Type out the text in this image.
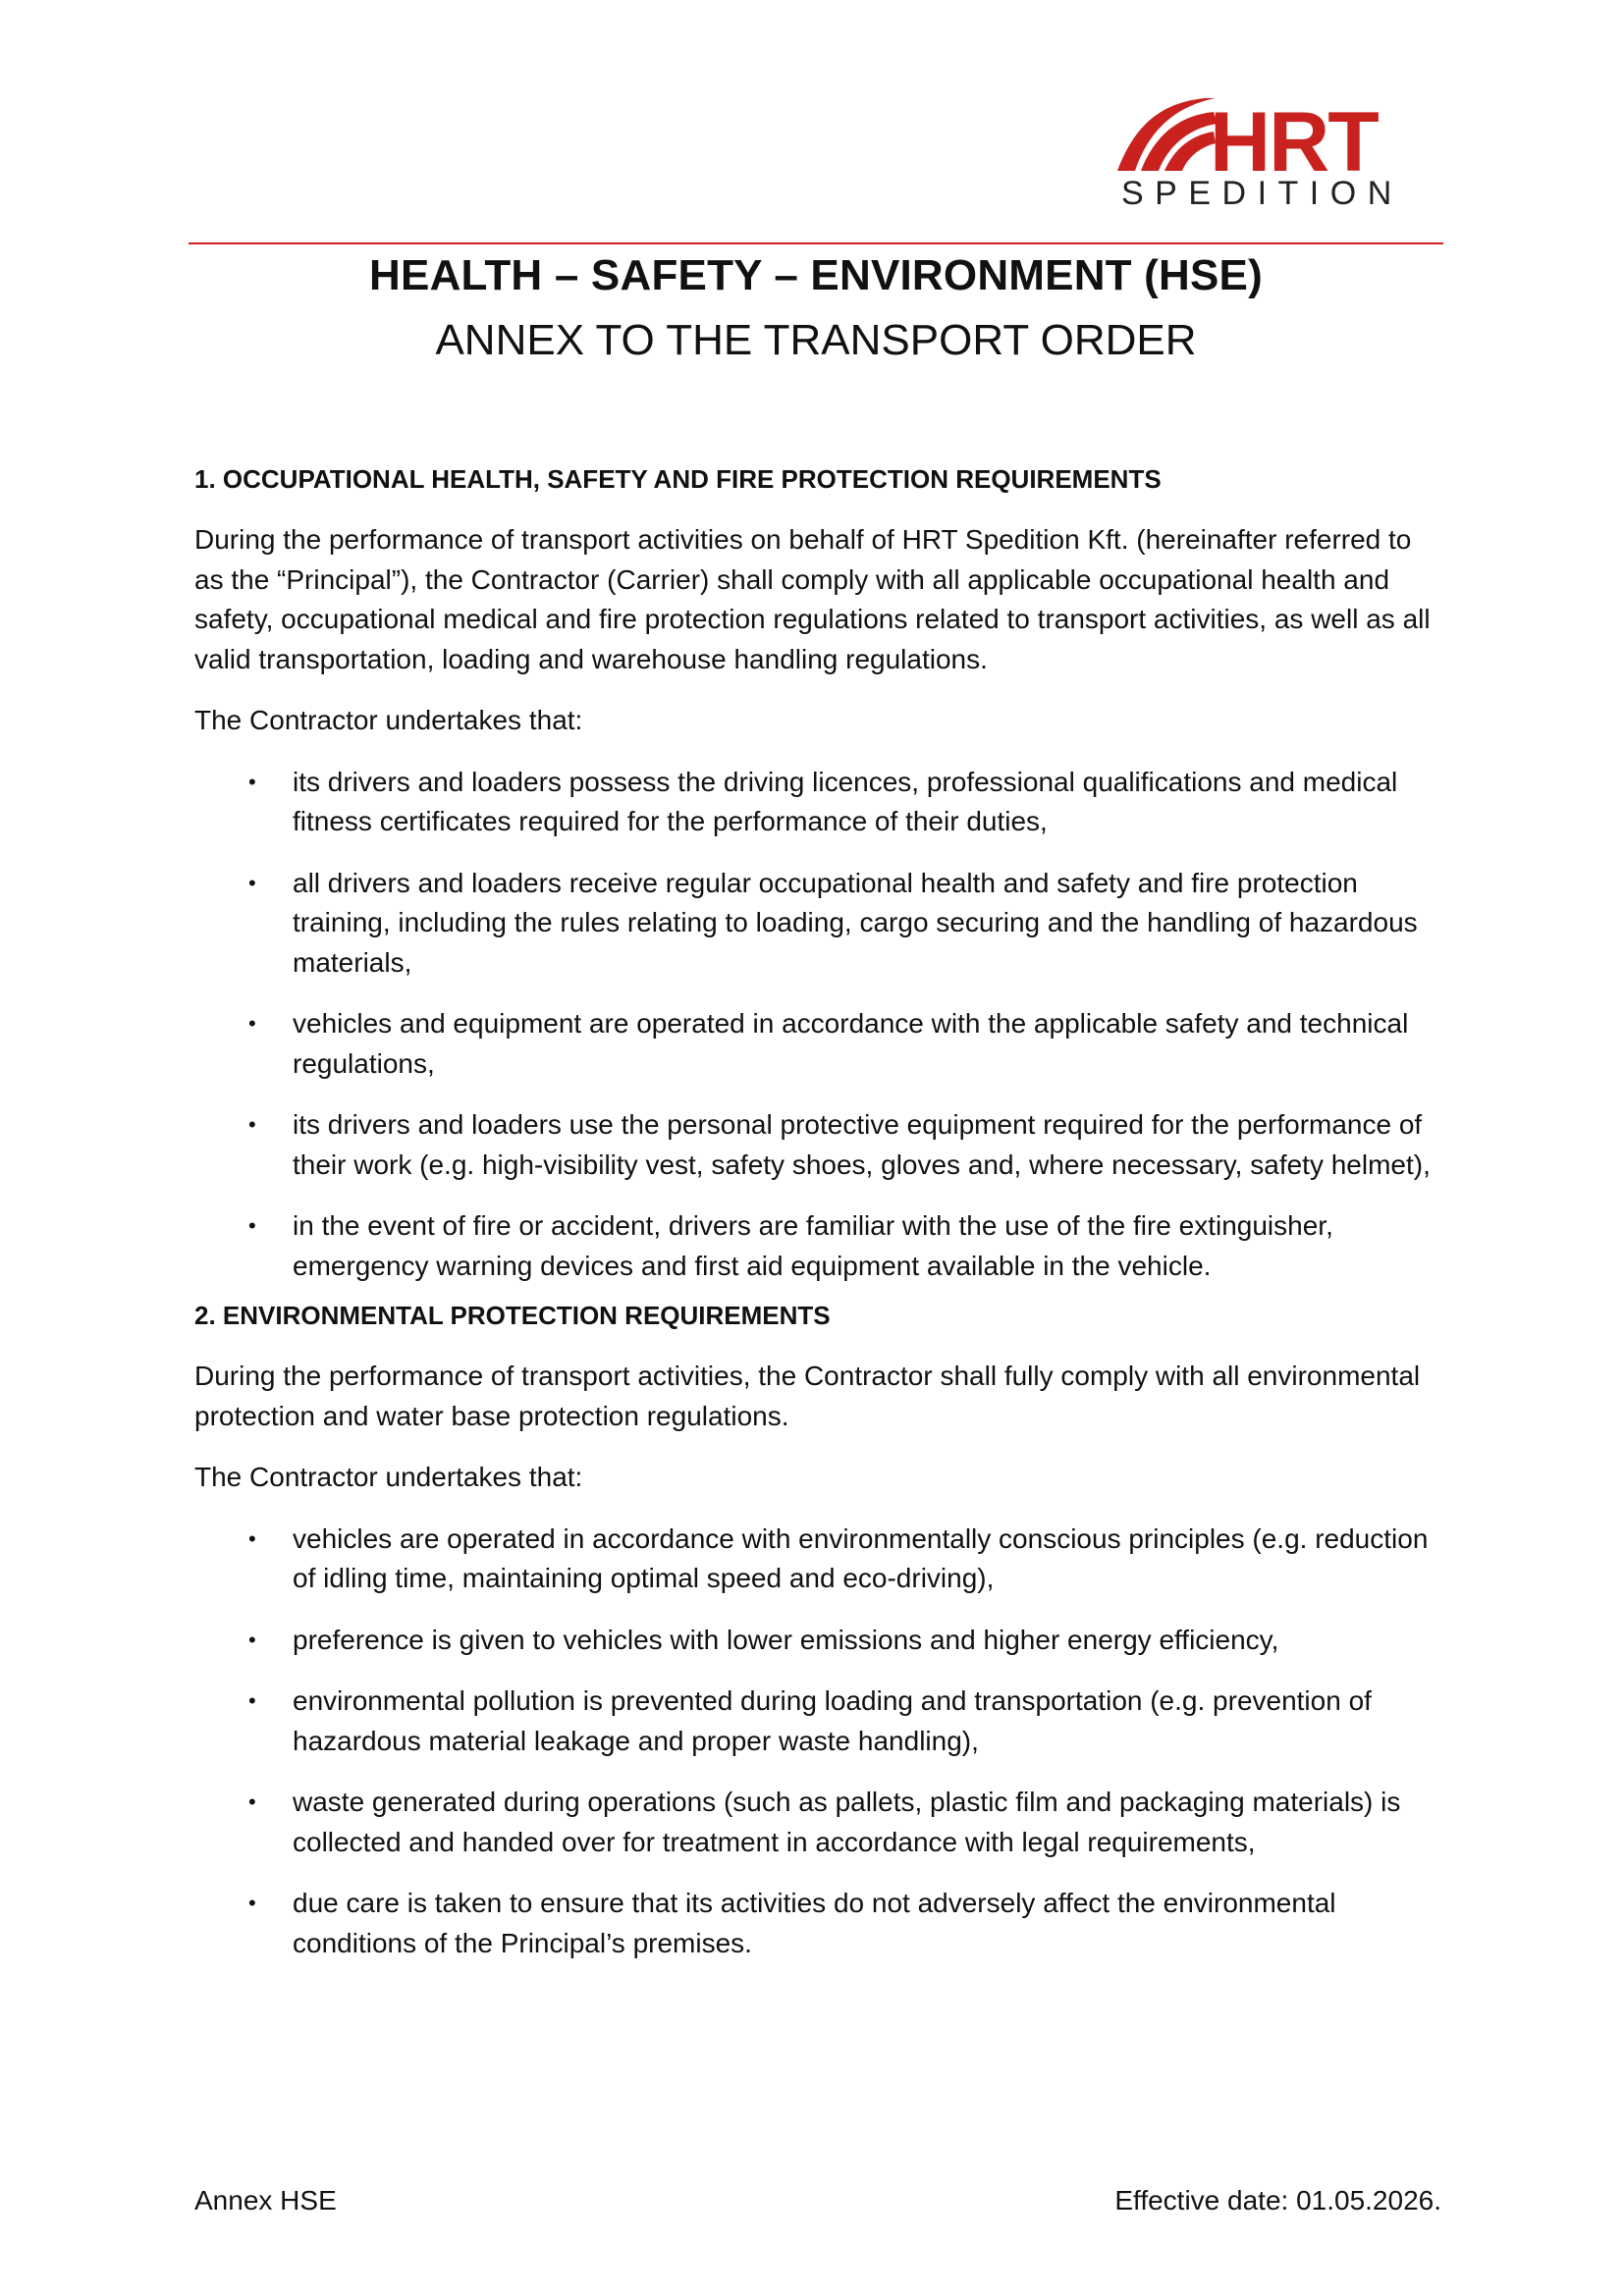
HRT
SPEDITION
HEALTH – SAFETY – ENVIRONMENT (HSE)
ANNEX TO THE TRANSPORT ORDER
1. OCCUPATIONAL HEALTH, SAFETY AND FIRE PROTECTION REQUIREMENTS

During the performance of transport activities on behalf of HRT Spedition Kft. (hereinafter referred to as the “Principal”), the Contractor (Carrier) shall comply with all applicable occupational health and safety, occupational medical and fire protection regulations related to transport activities, as well as all valid transportation, loading and warehouse handling regulations.

The Contractor undertakes that:

• its drivers and loaders possess the driving licences, professional qualifications and medical fitness certificates required for the performance of their duties,
• all drivers and loaders receive regular occupational health and safety and fire protection training, including the rules relating to loading, cargo securing and the handling of hazardous materials,
• vehicles and equipment are operated in accordance with the applicable safety and technical regulations,
• its drivers and loaders use the personal protective equipment required for the performance of their work (e.g. high-visibility vest, safety shoes, gloves and, where necessary, safety helmet),
• in the event of fire or accident, drivers are familiar with the use of the fire extinguisher, emergency warning devices and first aid equipment available in the vehicle.
2. ENVIRONMENTAL PROTECTION REQUIREMENTS

During the performance of transport activities, the Contractor shall fully comply with all environmental protection and water base protection regulations.

The Contractor undertakes that:

• vehicles are operated in accordance with environmentally conscious principles (e.g. reduction of idling time, maintaining optimal speed and eco-driving),
• preference is given to vehicles with lower emissions and higher energy efficiency,
• environmental pollution is prevented during loading and transportation (e.g. prevention of hazardous material leakage and proper waste handling),
• waste generated during operations (such as pallets, plastic film and packaging materials) is collected and handed over for treatment in accordance with legal requirements,
• due care is taken to ensure that its activities do not adversely affect the environmental conditions of the Principal’s premises.
Annex HSE	Effective date: 01.05.2026.
